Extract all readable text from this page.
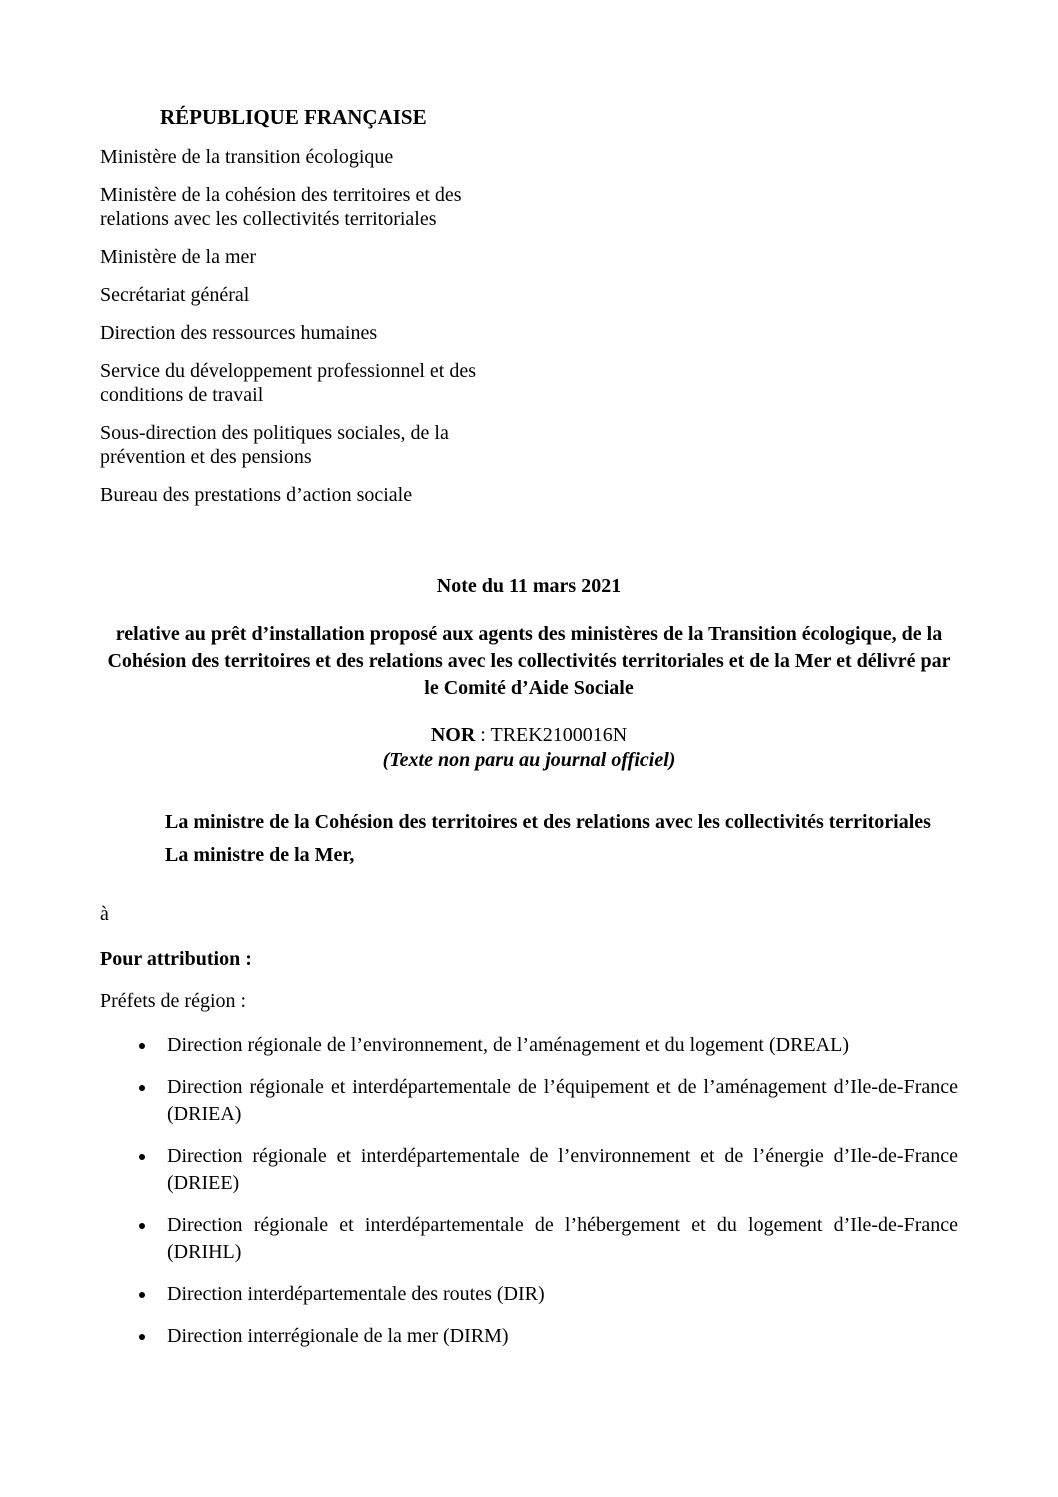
RÉPUBLIQUE FRANÇAISE

Ministère de la transition écologique

Ministère de la cohésion des territoires et des relations avec les collectivités territoriales

Ministère de la mer

Secrétariat général

Direction des ressources humaines

Service du développement professionnel et des conditions de travail

Sous-direction des politiques sociales, de la prévention et des pensions

Bureau des prestations d’action sociale

Note du 11 mars 2021

relative au prêt d’installation proposé aux agents des ministères de la Transition écologique, de la Cohésion des territoires et des relations avec les collectivités territoriales et de la Mer et délivré par le Comité d’Aide Sociale

NOR : TREK2100016N

(Texte non paru au journal officiel)

La ministre de la Cohésion des territoires et des relations avec les collectivités territoriales

La ministre de la Mer,

à

Pour attribution :

Préfets de région :

Direction régionale de l’environnement, de l’aménagement et du logement (DREAL)
Direction régionale et interdépartementale de l’équipement et de l’aménagement d’Ile-de-France (DRIEA)
Direction régionale et interdépartementale de l’environnement et de l’énergie d’Ile-de-France (DRIEE)
Direction régionale et interdépartementale de l’hébergement et du logement d’Ile-de-France (DRIHL)
Direction interdépartementale des routes (DIR)
Direction interrégionale de la mer (DIRM)
